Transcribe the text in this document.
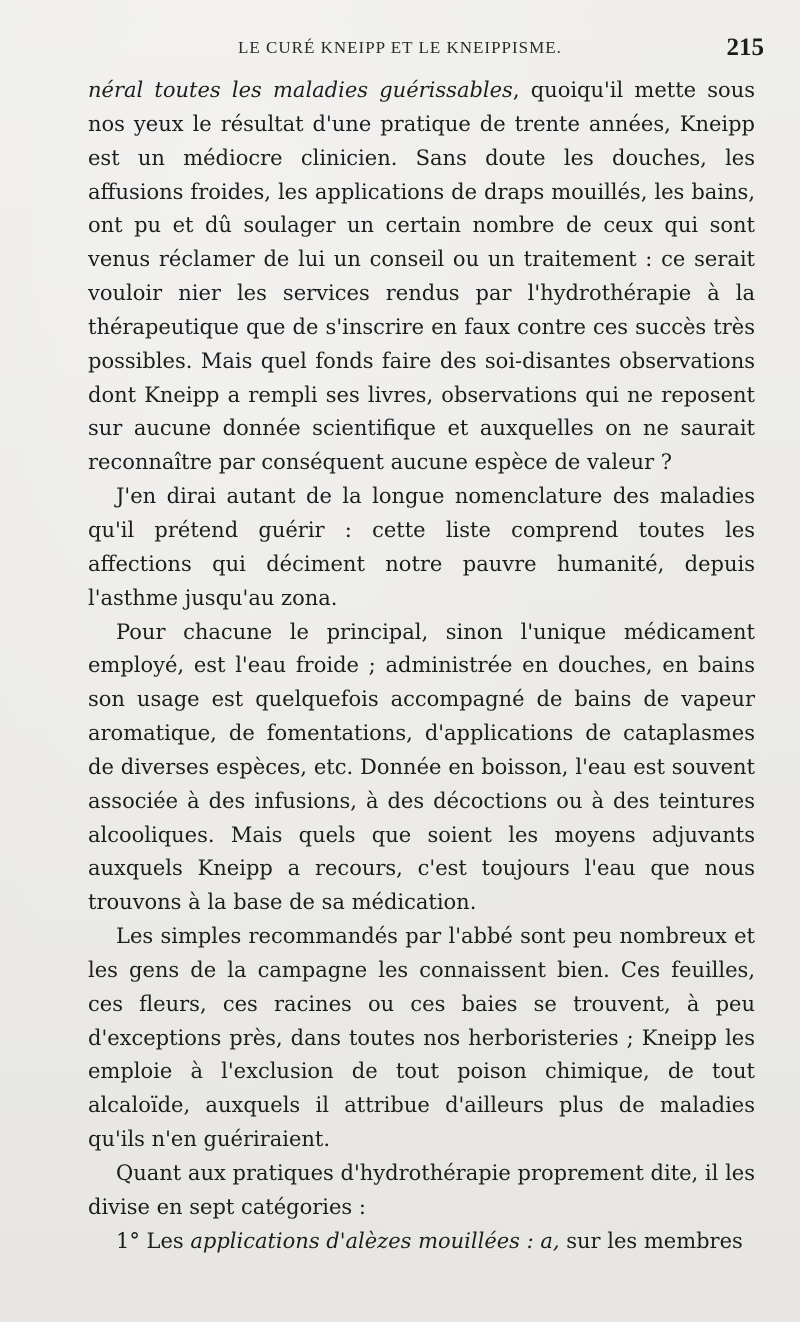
LE CURÉ KNEIPP ET LE KNEIPPISME.	215

néral toutes les maladies guérissables, quoiqu'il mette sous nos yeux le résultat d'une pratique de trente années, Kneipp est un médiocre clinicien. Sans doute les douches, les affusions froides, les applications de draps mouillés, les bains, ont pu et dû soulager un certain nombre de ceux qui sont venus réclamer de lui un conseil ou un traitement : ce serait vouloir nier les services rendus par l'hydrothérapie à la thérapeutique que de s'inscrire en faux contre ces succès très possibles. Mais quel fonds faire des soi-disantes observations dont Kneipp a rempli ses livres, observations qui ne reposent sur aucune donnée scientifique et auxquelles on ne saurait reconnaître par conséquent aucune espèce de valeur ?

J'en dirai autant de la longue nomenclature des maladies qu'il prétend guérir : cette liste comprend toutes les affections qui déciment notre pauvre humanité, depuis l'asthme jusqu'au zona.

Pour chacune le principal, sinon l'unique médicament employé, est l'eau froide ; administrée en douches, en bains son usage est quelquefois accompagné de bains de vapeur aromatique, de fomentations, d'applications de cataplasmes de diverses espèces, etc. Donnée en boisson, l'eau est souvent associée à des infusions, à des décoctions ou à des teintures alcooliques. Mais quels que soient les moyens adjuvants auxquels Kneipp a recours, c'est toujours l'eau que nous trouvons à la base de sa médication.

Les simples recommandés par l'abbé sont peu nombreux et les gens de la campagne les connaissent bien. Ces feuilles, ces fleurs, ces racines ou ces baies se trouvent, à peu d'exceptions près, dans toutes nos herboristeries ; Kneipp les emploie à l'exclusion de tout poison chimique, de tout alcaloïde, auxquels il attribue d'ailleurs plus de maladies qu'ils n'en guériraient.

Quant aux pratiques d'hydrothérapie proprement dite, il les divise en sept catégories :

1° Les applications d'alèzes mouillées : a, sur les membres
